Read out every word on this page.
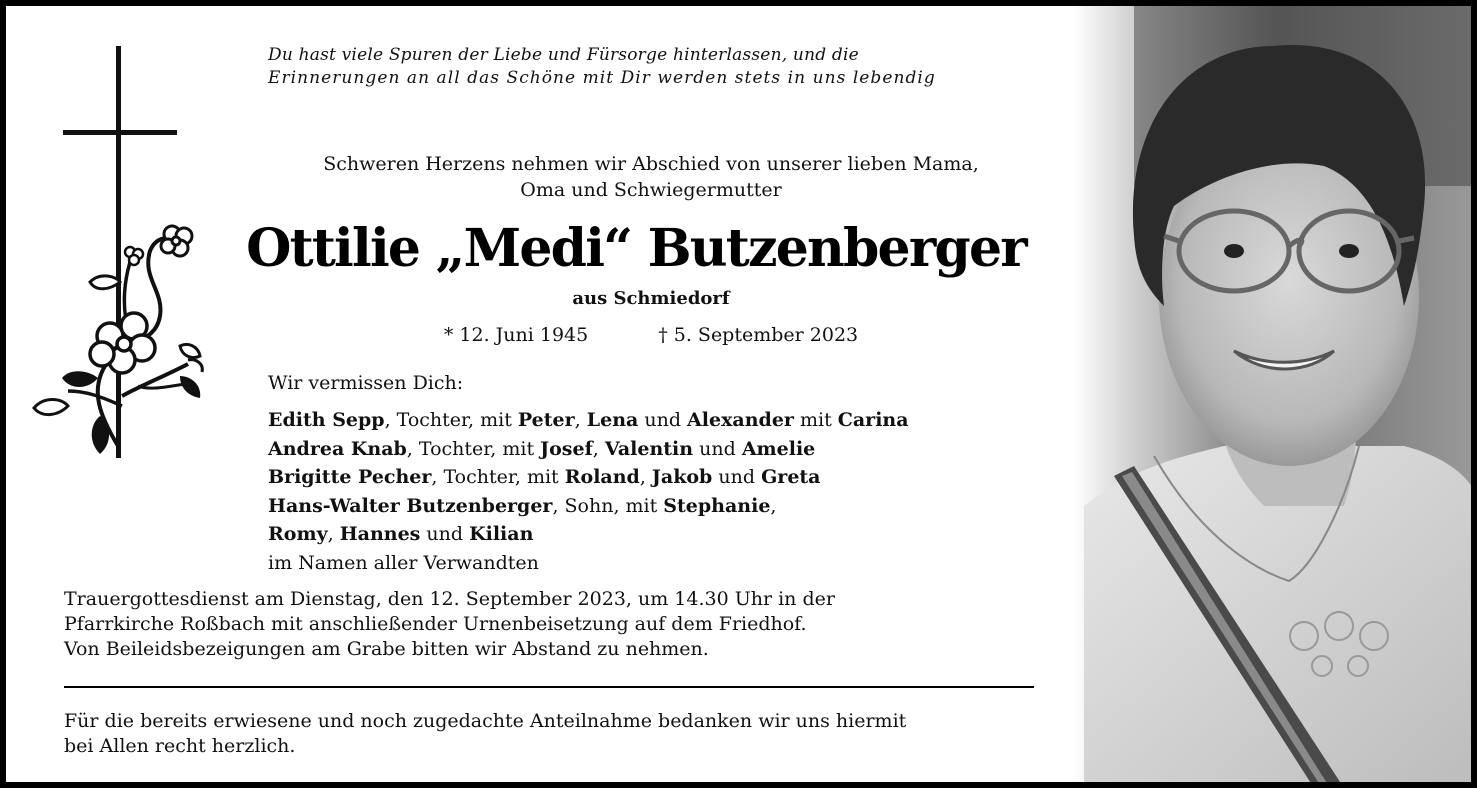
Du hast viele Spuren der Liebe und Fürsorge hinterlassen, und die
Erinnerungen an all das Schöne mit Dir werden stets in uns lebendig
Schweren Herzens nehmen wir Abschied von unserer lieben Mama,
Oma und Schwiegermutter
Ottilie „Medi“ Butzenberger
aus Schmiedorf
* 12. Juni 1945	† 5. September 2023
Wir vermissen Dich:
Edith Sepp, Tochter, mit Peter, Lena und Alexander mit Carina
Andrea Knab, Tochter, mit Josef, Valentin und Amelie
Brigitte Pecher, Tochter, mit Roland, Jakob und Greta
Hans-Walter Butzenberger, Sohn, mit Stephanie,
Romy, Hannes und Kilian
im Namen aller Verwandten
Trauergottesdienst am Dienstag, den 12. September 2023, um 14.30 Uhr in der
Pfarrkirche Roßbach mit anschließender Urnenbeisetzung auf dem Friedhof.
Von Beileidsbezeigungen am Grabe bitten wir Abstand zu nehmen.
Für die bereits erwiesene und noch zugedachte Anteilnahme bedanken wir uns hiermit
bei Allen recht herzlich.
